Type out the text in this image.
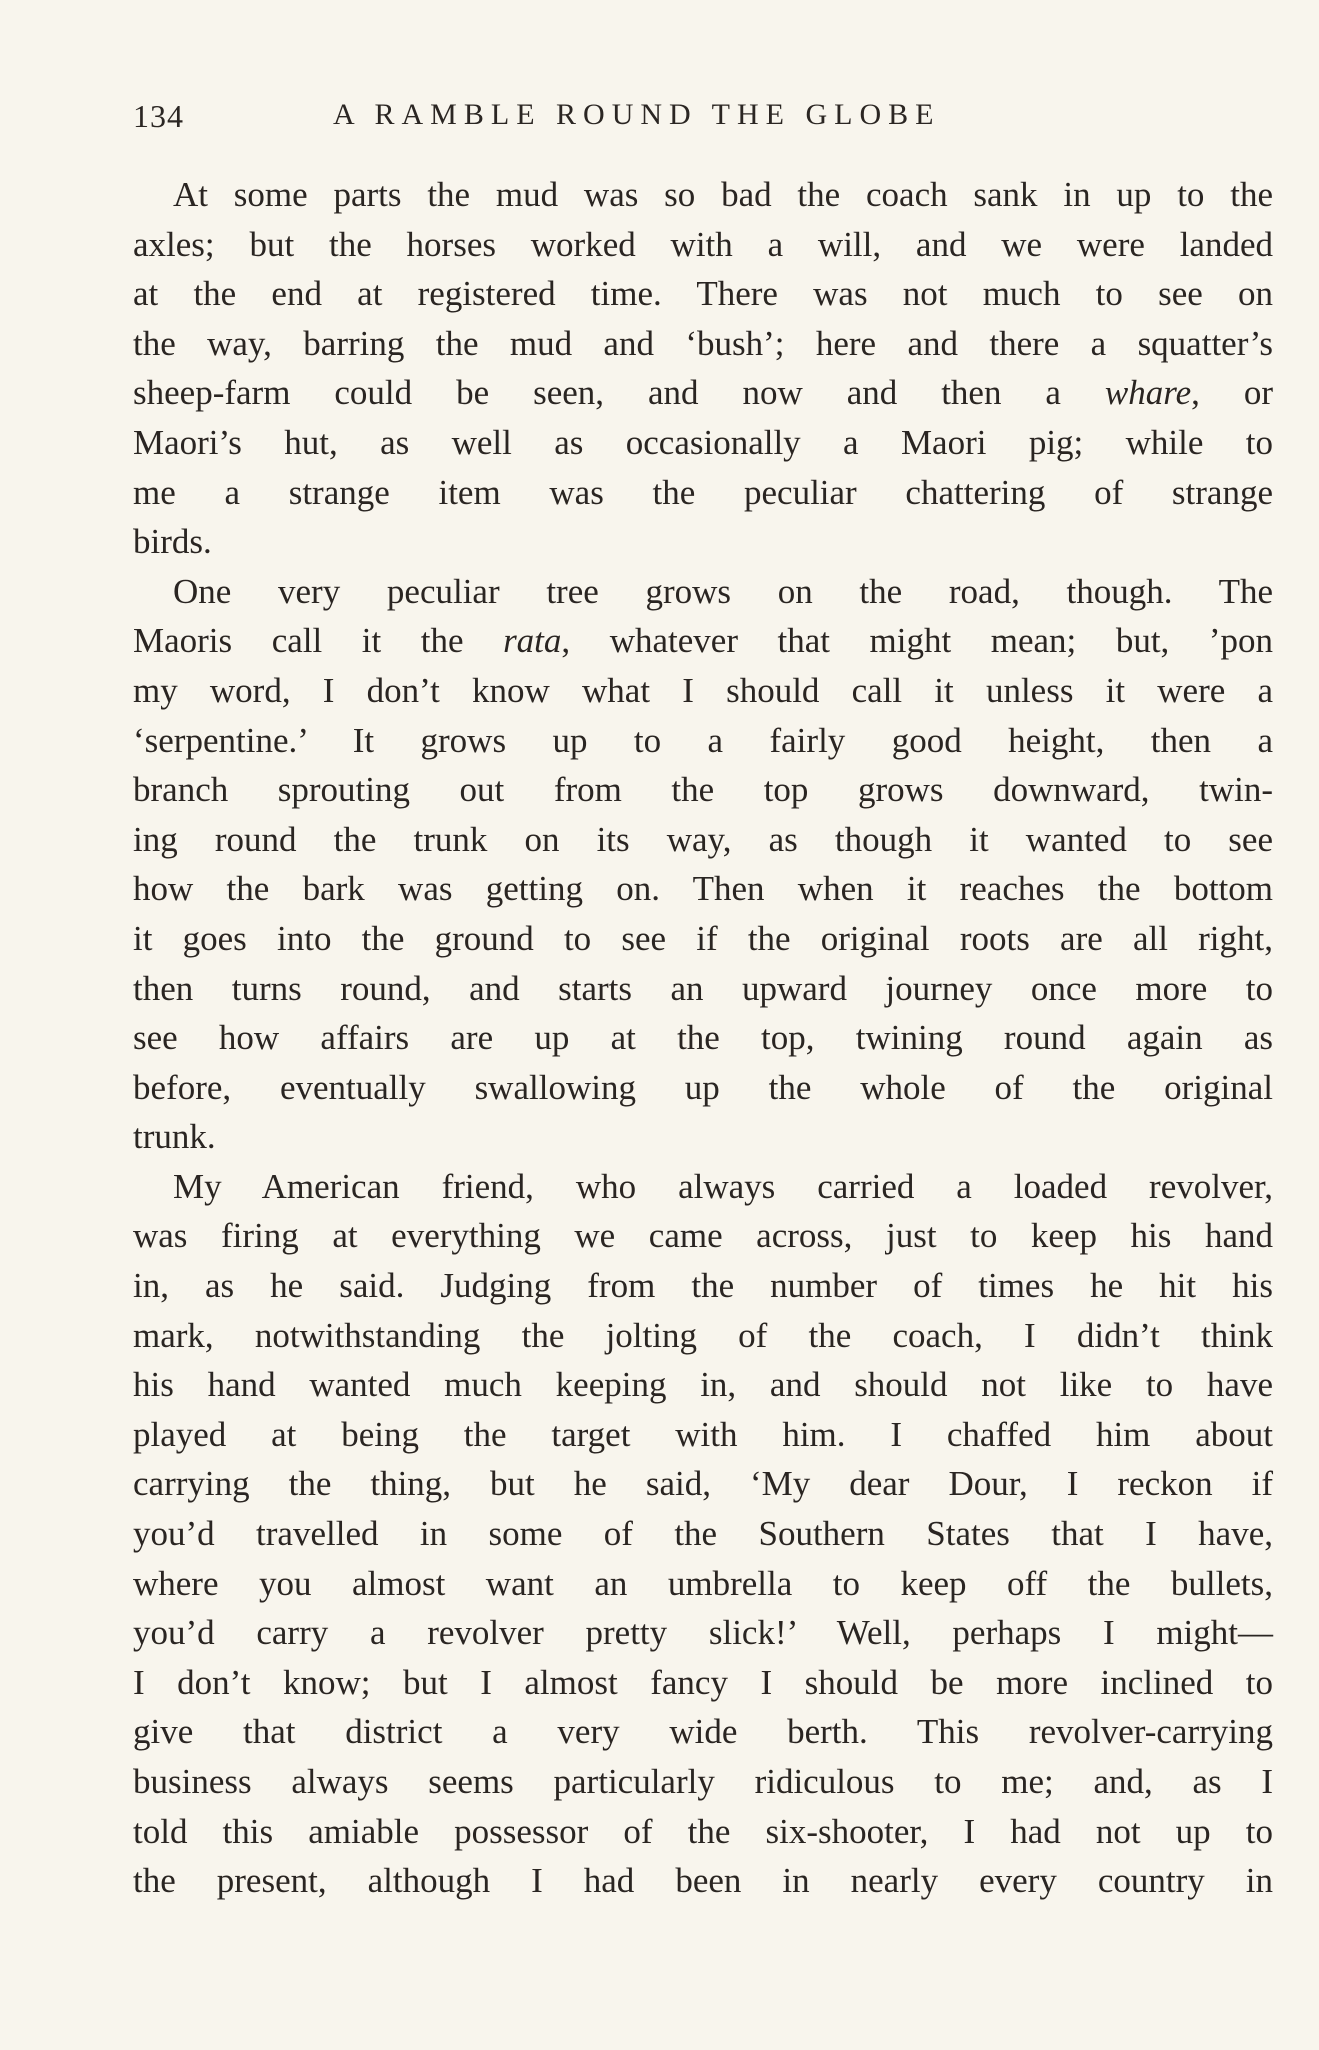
134	A RAMBLE ROUND THE GLOBE
At some parts the mud was so bad the coach sank in up to the
axles; but the horses worked with a will, and we were landed
at the end at registered time. There was not much to see on
the way, barring the mud and ‘bush’; here and there a squatter’s
sheep-farm could be seen, and now and then a whare, or
Maori’s hut, as well as occasionally a Maori pig; while to
me a strange item was the peculiar chattering of strange
birds.
One very peculiar tree grows on the road, though. The
Maoris call it the rata, whatever that might mean; but, ’pon
my word, I don’t know what I should call it unless it were a
‘serpentine.’ It grows up to a fairly good height, then a
branch sprouting out from the top grows downward, twin-
ing round the trunk on its way, as though it wanted to see
how the bark was getting on. Then when it reaches the bottom
it goes into the ground to see if the original roots are all right,
then turns round, and starts an upward journey once more to
see how affairs are up at the top, twining round again as
before, eventually swallowing up the whole of the original
trunk.
My American friend, who always carried a loaded revolver,
was firing at everything we came across, just to keep his hand
in, as he said. Judging from the number of times he hit his
mark, notwithstanding the jolting of the coach, I didn’t think
his hand wanted much keeping in, and should not like to have
played at being the target with him. I chaffed him about
carrying the thing, but he said, ‘My dear Dour, I reckon if
you’d travelled in some of the Southern States that I have,
where you almost want an umbrella to keep off the bullets,
you’d carry a revolver pretty slick!’ Well, perhaps I might—
I don’t know; but I almost fancy I should be more inclined to
give that district a very wide berth. This revolver-carrying
business always seems particularly ridiculous to me; and, as I
told this amiable possessor of the six-shooter, I had not up to
the present, although I had been in nearly every country in
